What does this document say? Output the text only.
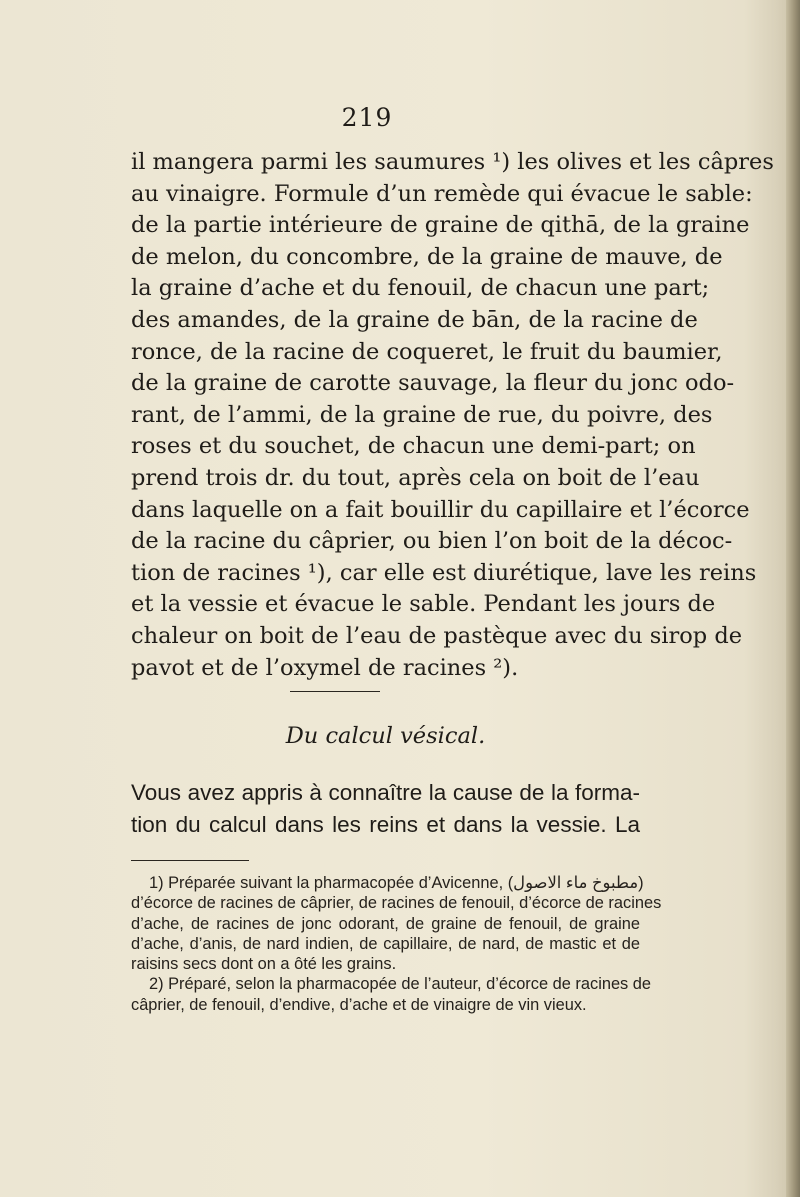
219
il mangera parmi les saumures ¹) les olives et les câpres
au vinaigre. Formule d’un remède qui évacue le sable:
de la partie intérieure de graine de qithā, de la graine
de melon, du concombre, de la graine de mauve, de
la graine d’ache et du fenouil, de chacun une part;
des amandes, de la graine de bān, de la racine de
ronce, de la racine de coqueret, le fruit du baumier,
de la graine de carotte sauvage, la fleur du jonc odo-
rant, de l’ammi, de la graine de rue, du poivre, des
roses et du souchet, de chacun une demi-part; on
prend trois dr. du tout, après cela on boit de l’eau
dans laquelle on a fait bouillir du capillaire et l’écorce
de la racine du câprier, ou bien l’on boit de la décoc-
tion de racines ¹), car elle est diurétique, lave les reins
et la vessie et évacue le sable. Pendant les jours de
chaleur on boit de l’eau de pastèque avec du sirop de
pavot et de l’oxymel de racines ²).
Du calcul vésical.
Vous avez appris à connaître la cause de la forma-
tion du calcul dans les reins et dans la vessie. La
1) Préparée suivant la pharmacopée d’Avicenne, (مطبوخ ماء الاصول)
d’écorce de racines de câprier, de racines de fenouil, d’écorce de racines
d’ache, de racines de jonc odorant, de graine de fenouil, de graine
d’ache, d’anis, de nard indien, de capillaire, de nard, de mastic et de
raisins secs dont on a ôté les grains.
2) Préparé, selon la pharmacopée de l’auteur, d’écorce de racines de
câprier, de fenouil, d’endive, d’ache et de vinaigre de vin vieux.
